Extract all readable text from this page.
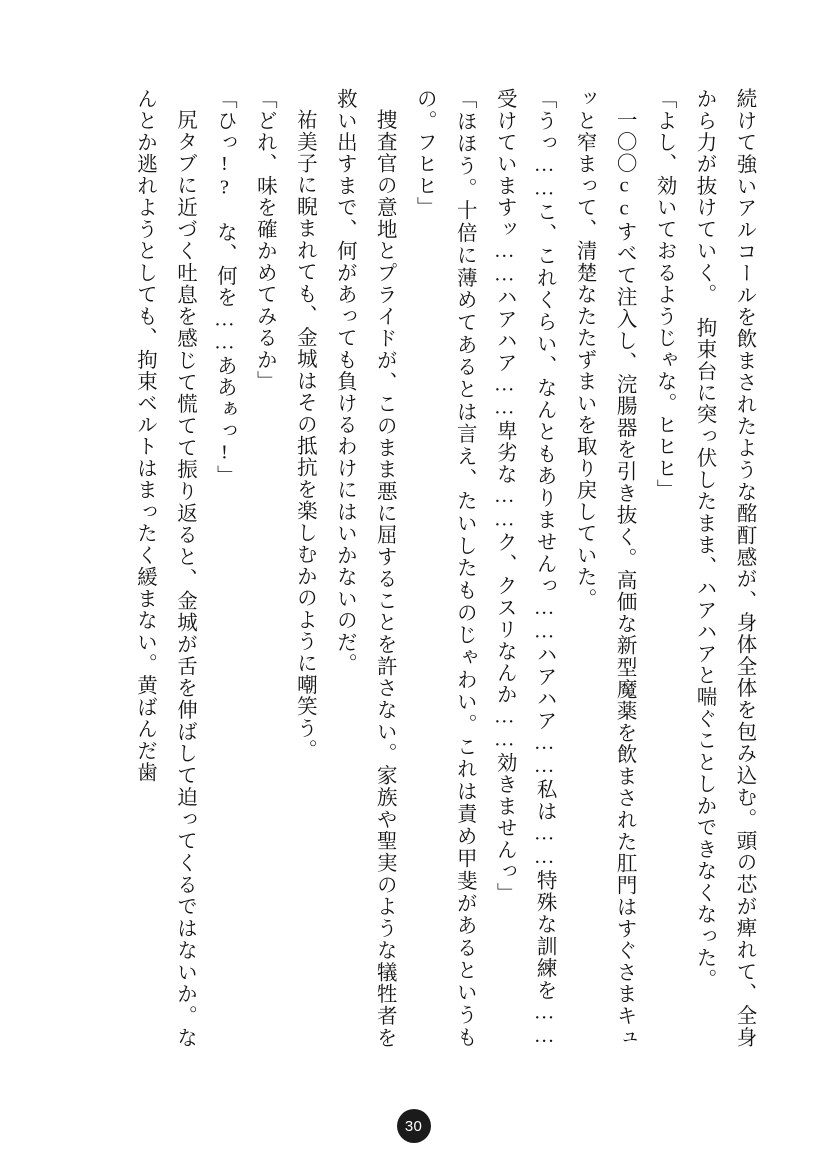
続けて強いアルコールを飲まされたような酩酊感が、身体全体を包み込む。頭の芯が痺れて、全身から力が抜けていく。　拘束台に突っ伏したまま、ハアハアと喘ぐことしかできなくなった。

「よし、効いておるようじゃな。ヒヒヒ」

一〇〇ccすべて注入し、浣腸器を引き抜く。高価な新型魔薬を飲まされた肛門はすぐさまキュッと窄まって、清楚なたたずまいを取り戻していた。

「うっ……こ、これくらい、なんともありませんっ……ハアハア……私は……特殊な訓練を……受けていますッ……ハアハア……卑劣な……ク、クスリなんか……効きませんっ」

「ほほう。十倍に薄めてあるとは言え、たいしたものじゃわい。これは責め甲斐があるというもの。フヒヒ」

捜査官の意地とプライドが、このまま悪に屈することを許さない。家族や聖実のような犠牲者を救い出すまで、何があっても負けるわけにはいかないのだ。

祐美子に睨まれても、金城はその抵抗を楽しむかのように嘲笑う。

「どれ、味を確かめてみるか」

「ひっ!?　な、何を……ああぁっ!」

尻タブに近づく吐息を感じて慌てて振り返ると、金城が舌を伸ばして迫ってくるではないか。なんとか逃れようとしても、拘束ベルトはまったく緩まない。黄ばんだ歯

30
